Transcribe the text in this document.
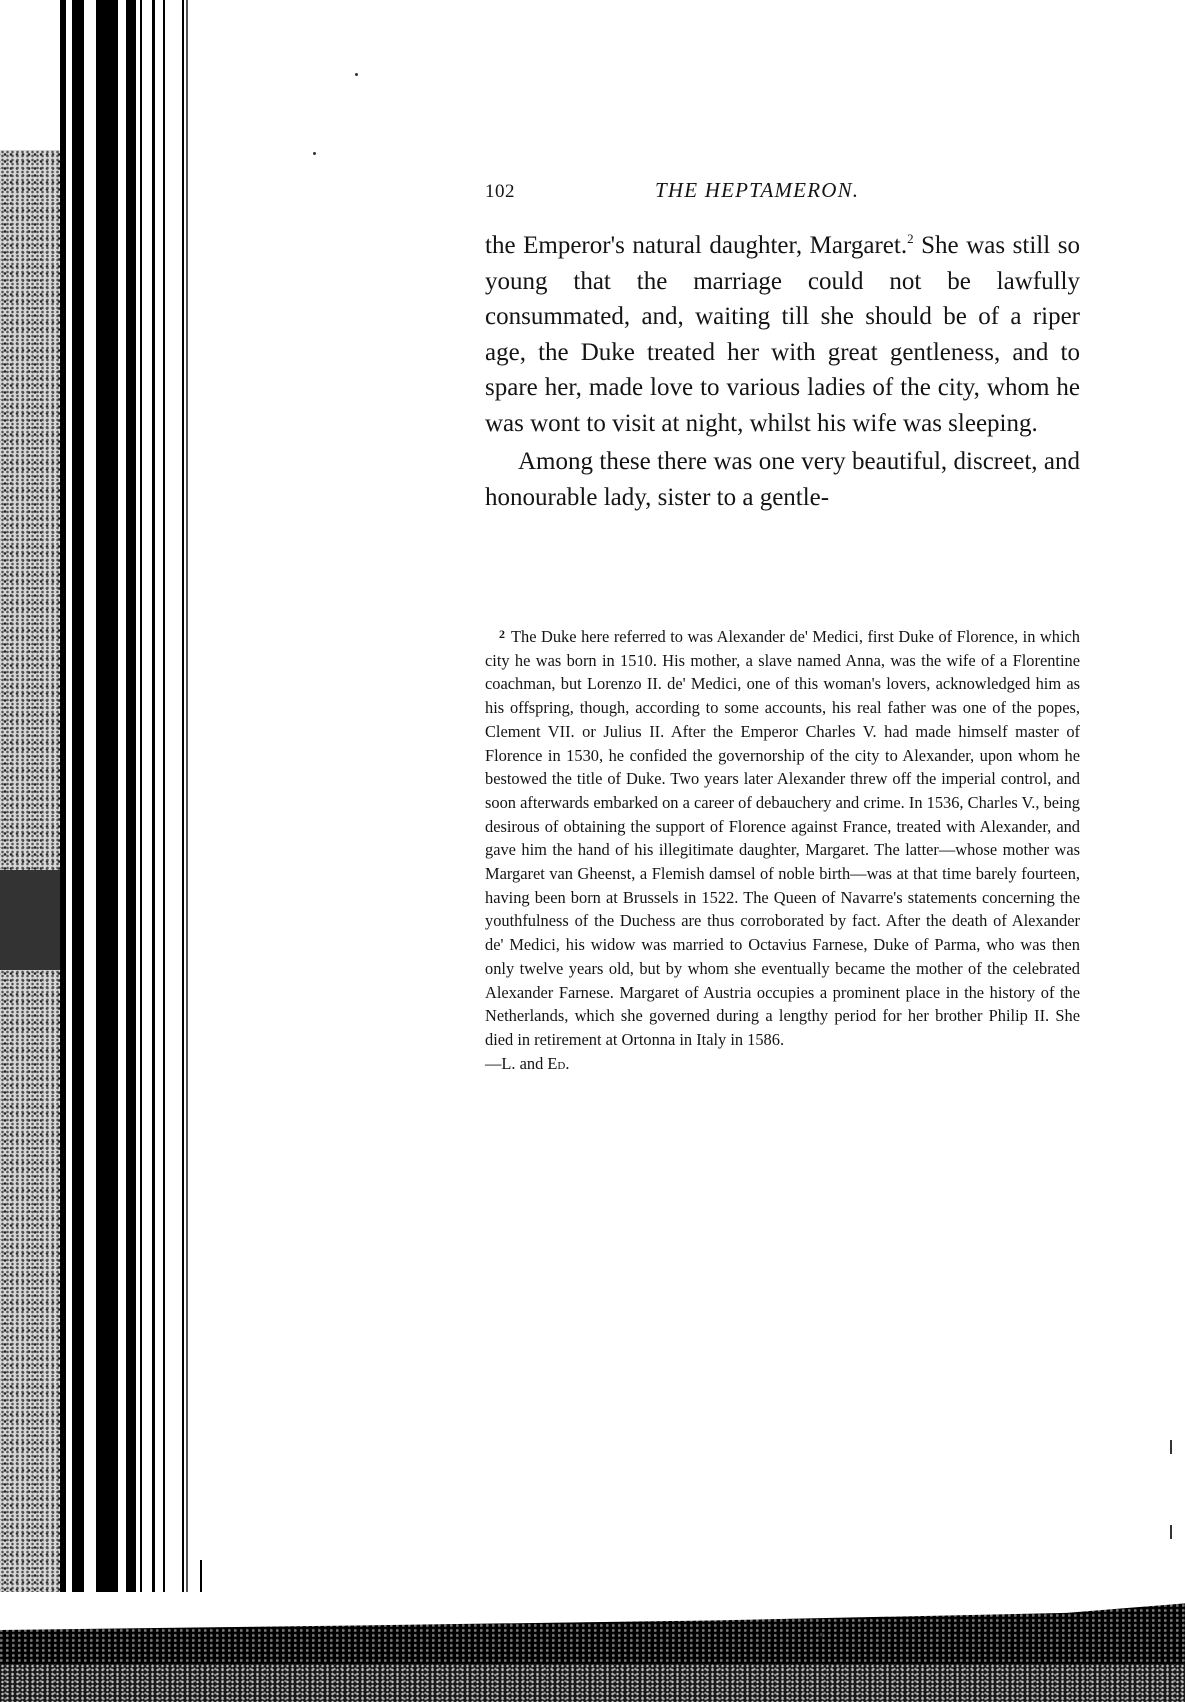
102	THE HEPTAMERON.

the Emperor's natural daughter, Margaret.$^2$ She was still so young that the marriage could not be lawfully consummated, and, waiting till she should be of a riper age, the Duke treated her with great gentleness, and to spare her, made love to various ladies of the city, whom he was wont to visit at night, whilst his wife was sleeping.

Among these there was one very beautiful, discreet, and honourable lady, sister to a gentle-

$^2$ The Duke here referred to was Alexander de' Medici, first Duke of Florence, in which city he was born in 1510. His mother, a slave named Anna, was the wife of a Florentine coachman, but Lorenzo II. de' Medici, one of this woman's lovers, acknowledged him as his offspring, though, according to some accounts, his real father was one of the popes, Clement VII. or Julius II. After the Emperor Charles V. had made himself master of Florence in 1530, he confided the governorship of the city to Alexander, upon whom he bestowed the title of Duke. Two years later Alexander threw off the imperial control, and soon afterwards embarked on a career of debauchery and crime. In 1536, Charles V., being desirous of obtaining the support of Florence against France, treated with Alexander, and gave him the hand of his illegitimate daughter, Margaret. The latter—whose mother was Margaret van Gheenst, a Flemish damsel of noble birth—was at that time barely fourteen, having been born at Brussels in 1522. The Queen of Navarre's statements concerning the youthfulness of the Duchess are thus corroborated by fact. After the death of Alexander de' Medici, his widow was married to Octavius Farnese, Duke of Parma, who was then only twelve years old, but by whom she eventually became the mother of the celebrated Alexander Farnese. Margaret of Austria occupies a prominent place in the history of the Netherlands, which she governed during a lengthy period for her brother Philip II. She died in retirement at Ortonna in Italy in 1586.
—L. and Ed.
